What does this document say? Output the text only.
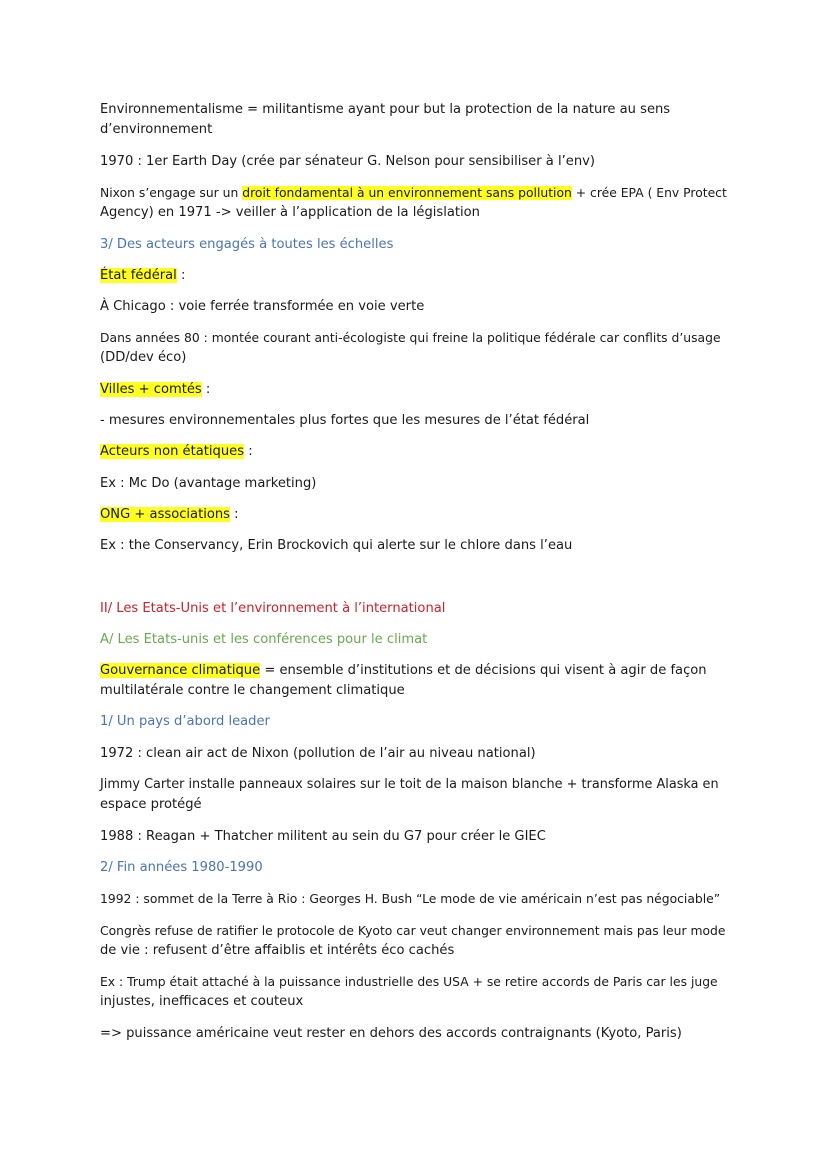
Environnementalisme = militantisme ayant pour but la protection de la nature au sens
d’environnement
1970 : 1er Earth Day (crée par sénateur G. Nelson pour sensibiliser à l’env)
Nixon s’engage sur un droit fondamental à un environnement sans pollution + crée EPA ( Env Protect
Agency) en 1971 -> veiller à l’application de la législation
3/ Des acteurs engagés à toutes les échelles
État fédéral :
À Chicago : voie ferrée transformée en voie verte
Dans années 80 : montée courant anti-écologiste qui freine la politique fédérale car conflits d’usage
(DD/dev éco)
Villes + comtés :
- mesures environnementales plus fortes que les mesures de l’état fédéral
Acteurs non étatiques :
Ex : Mc Do (avantage marketing)
ONG + associations :
Ex : the Conservancy, Erin Brockovich qui alerte sur le chlore dans l’eau
II/ Les Etats-Unis et l’environnement à l’international
A/ Les Etats-unis et les conférences pour le climat
Gouvernance climatique = ensemble d’institutions et de décisions qui visent à agir de façon
multilatérale contre le changement climatique
1/ Un pays d’abord leader
1972 : clean air act de Nixon (pollution de l’air au niveau national)
Jimmy Carter installe panneaux solaires sur le toit de la maison blanche + transforme Alaska en
espace protégé
1988 : Reagan + Thatcher militent au sein du G7 pour créer le GIEC
2/ Fin années 1980-1990
1992 : sommet de la Terre à Rio : Georges H. Bush “Le mode de vie américain n’est pas négociable”
Congrès refuse de ratifier le protocole de Kyoto car veut changer environnement mais pas leur mode
de vie : refusent d’être affaiblis et intérêts éco cachés
Ex : Trump était attaché à la puissance industrielle des USA + se retire accords de Paris car les juge
injustes, inefficaces et couteux
=> puissance américaine veut rester en dehors des accords contraignants (Kyoto, Paris)
